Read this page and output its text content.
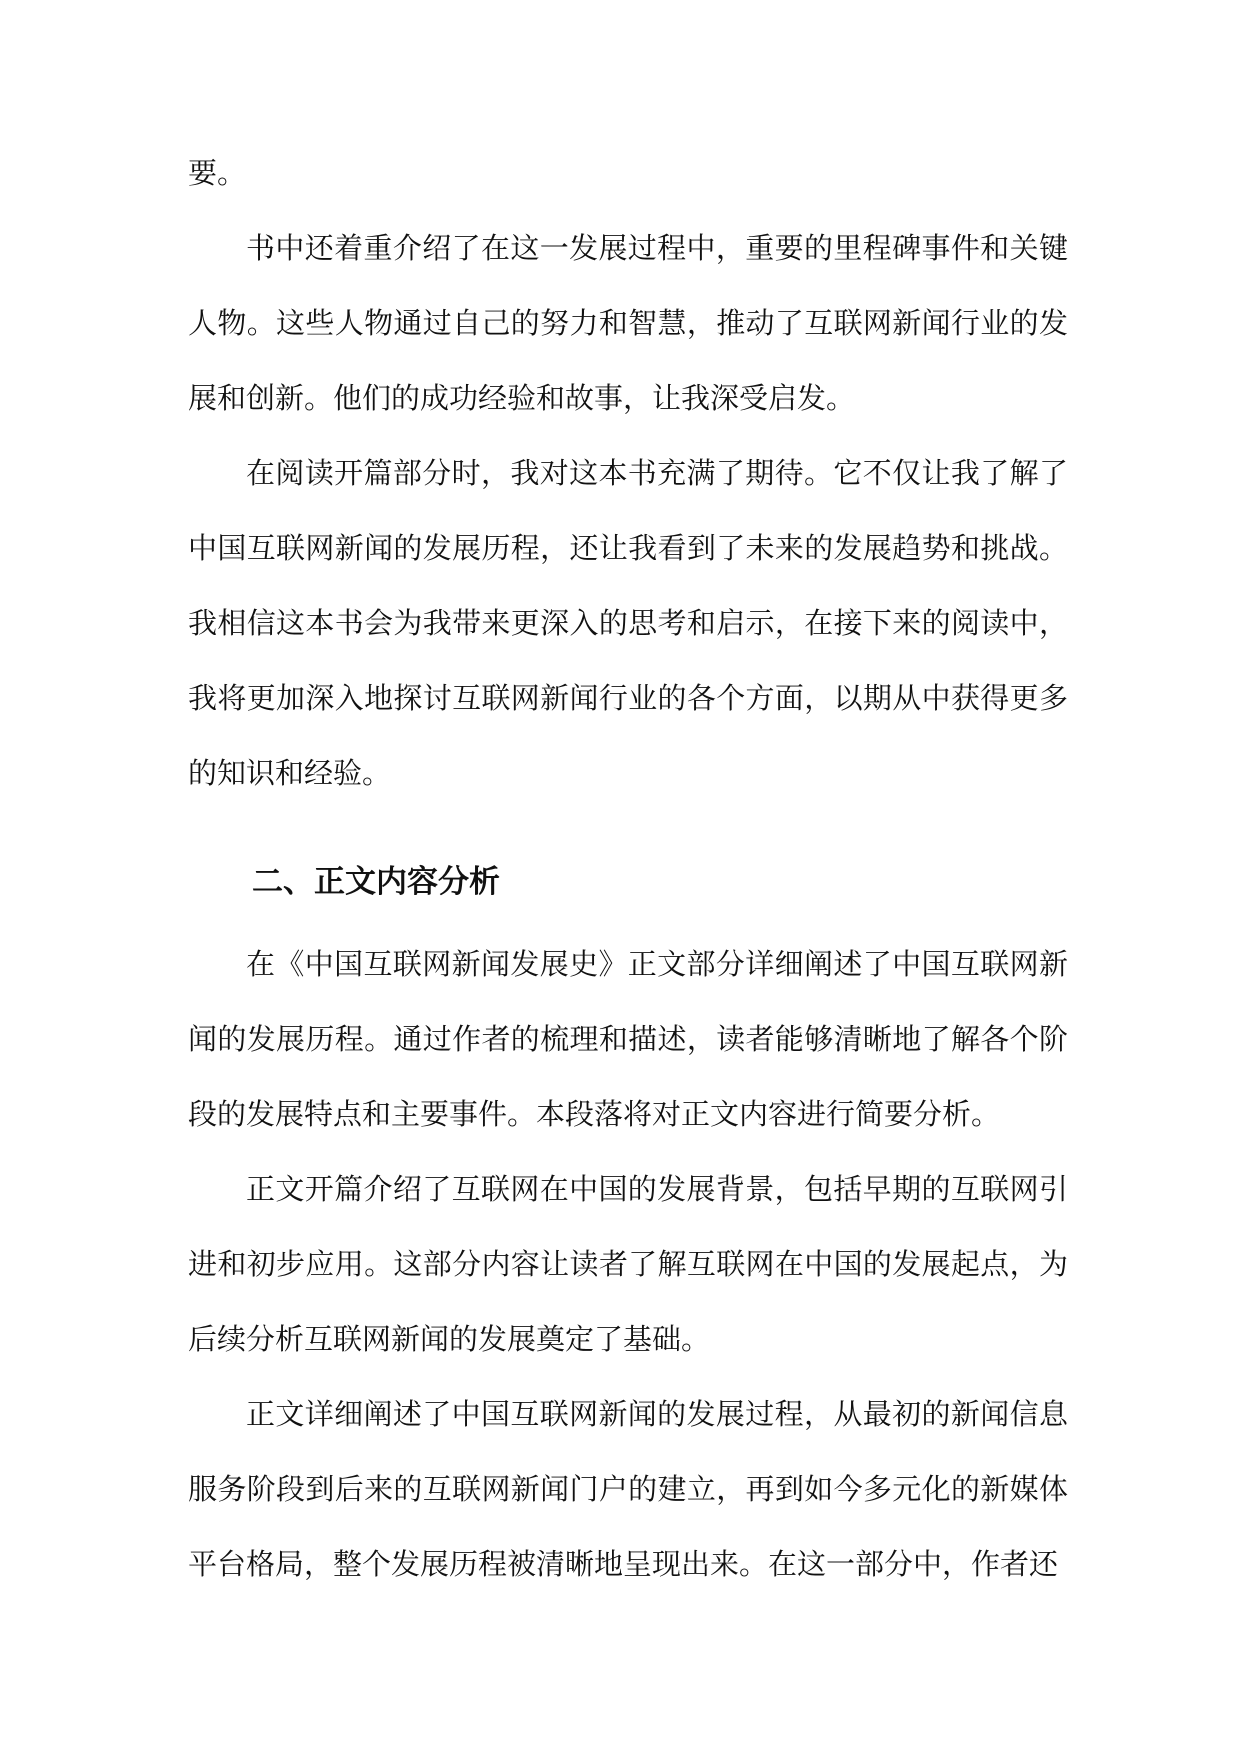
要。

书中还着重介绍了在这一发展过程中，重要的里程碑事件和关键人物。这些人物通过自己的努力和智慧，推动了互联网新闻行业的发展和创新。他们的成功经验和故事，让我深受启发。

在阅读开篇部分时，我对这本书充满了期待。它不仅让我了解了中国互联网新闻的发展历程，还让我看到了未来的发展趋势和挑战。我相信这本书会为我带来更深入的思考和启示，在接下来的阅读中，我将更加深入地探讨互联网新闻行业的各个方面，以期从中获得更多的知识和经验。

二、正文内容分析

在《中国互联网新闻发展史》正文部分详细阐述了中国互联网新闻的发展历程。通过作者的梳理和描述，读者能够清晰地了解各个阶段的发展特点和主要事件。本段落将对正文内容进行简要分析。

正文开篇介绍了互联网在中国的发展背景，包括早期的互联网引进和初步应用。这部分内容让读者了解互联网在中国的发展起点，为后续分析互联网新闻的发展奠定了基础。

正文详细阐述了中国互联网新闻的发展过程，从最初的新闻信息服务阶段到后来的互联网新闻门户的建立，再到如今多元化的新媒体平台格局，整个发展历程被清晰地呈现出来。在这一部分中，作者还
